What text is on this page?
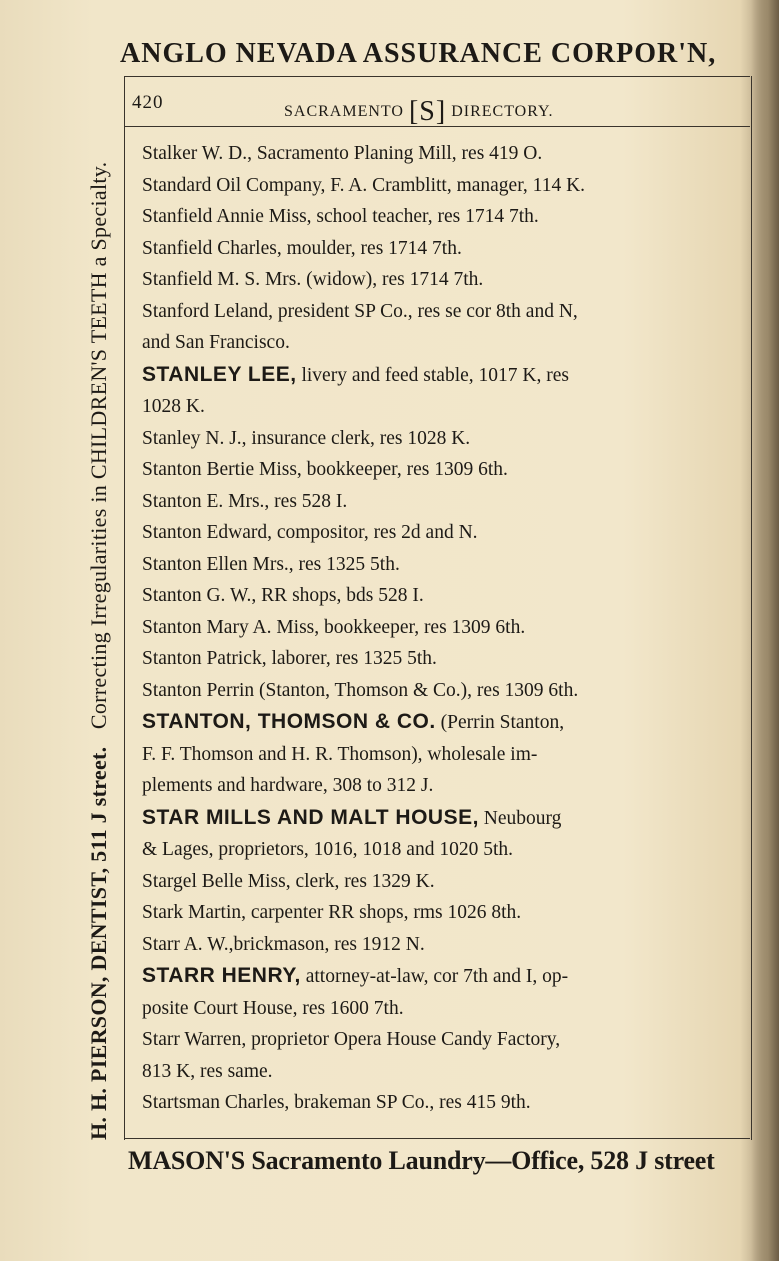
ANGLO NEVADA ASSURANCE CORPOR'N,
H. H. PIERSON, DENTIST, 511 J street.   Correcting Irregularities in CHILDREN'S TEETH a Specialty.
420	SACRAMENTO [S] DIRECTORY.

Stalker W. D., Sacramento Planing Mill, res 419 O.

Standard Oil Company, F. A. Cramblitt, manager, 114 K.

Stanfield Annie Miss, school teacher, res 1714 7th.

Stanfield Charles, moulder, res 1714 7th.

Stanfield M. S. Mrs. (widow), res 1714 7th.

Stanford Leland, president SP Co., res se cor 8th and N,
and San Francisco.

STANLEY LEE, livery and feed stable, 1017 K, res
1028 K.

Stanley N. J., insurance clerk, res 1028 K.

Stanton Bertie Miss, bookkeeper, res 1309 6th.

Stanton E. Mrs., res 528 I.

Stanton Edward, compositor, res 2d and N.

Stanton Ellen Mrs., res 1325 5th.

Stanton G. W., RR shops, bds 528 I.

Stanton Mary A. Miss, bookkeeper, res 1309 6th.

Stanton Patrick, laborer, res 1325 5th.

Stanton Perrin (Stanton, Thomson & Co.), res 1309 6th.

STANTON, THOMSON & CO. (Perrin Stanton,
F. F. Thomson and H. R. Thomson), wholesale im-
plements and hardware, 308 to 312 J.

STAR MILLS AND MALT HOUSE, Neubourg
& Lages, proprietors, 1016, 1018 and 1020 5th.

Stargel Belle Miss, clerk, res 1329 K.

Stark Martin, carpenter RR shops, rms 1026 8th.

Starr A. W.,brickmason, res 1912 N.

STARR HENRY, attorney-at-law, cor 7th and I, op-
posite Court House, res 1600 7th.

Starr Warren, proprietor Opera House Candy Factory,
813 K, res same.

Startsman Charles, brakeman SP Co., res 415 9th.

MASON'S Sacramento Laundry—Office, 528 J street
